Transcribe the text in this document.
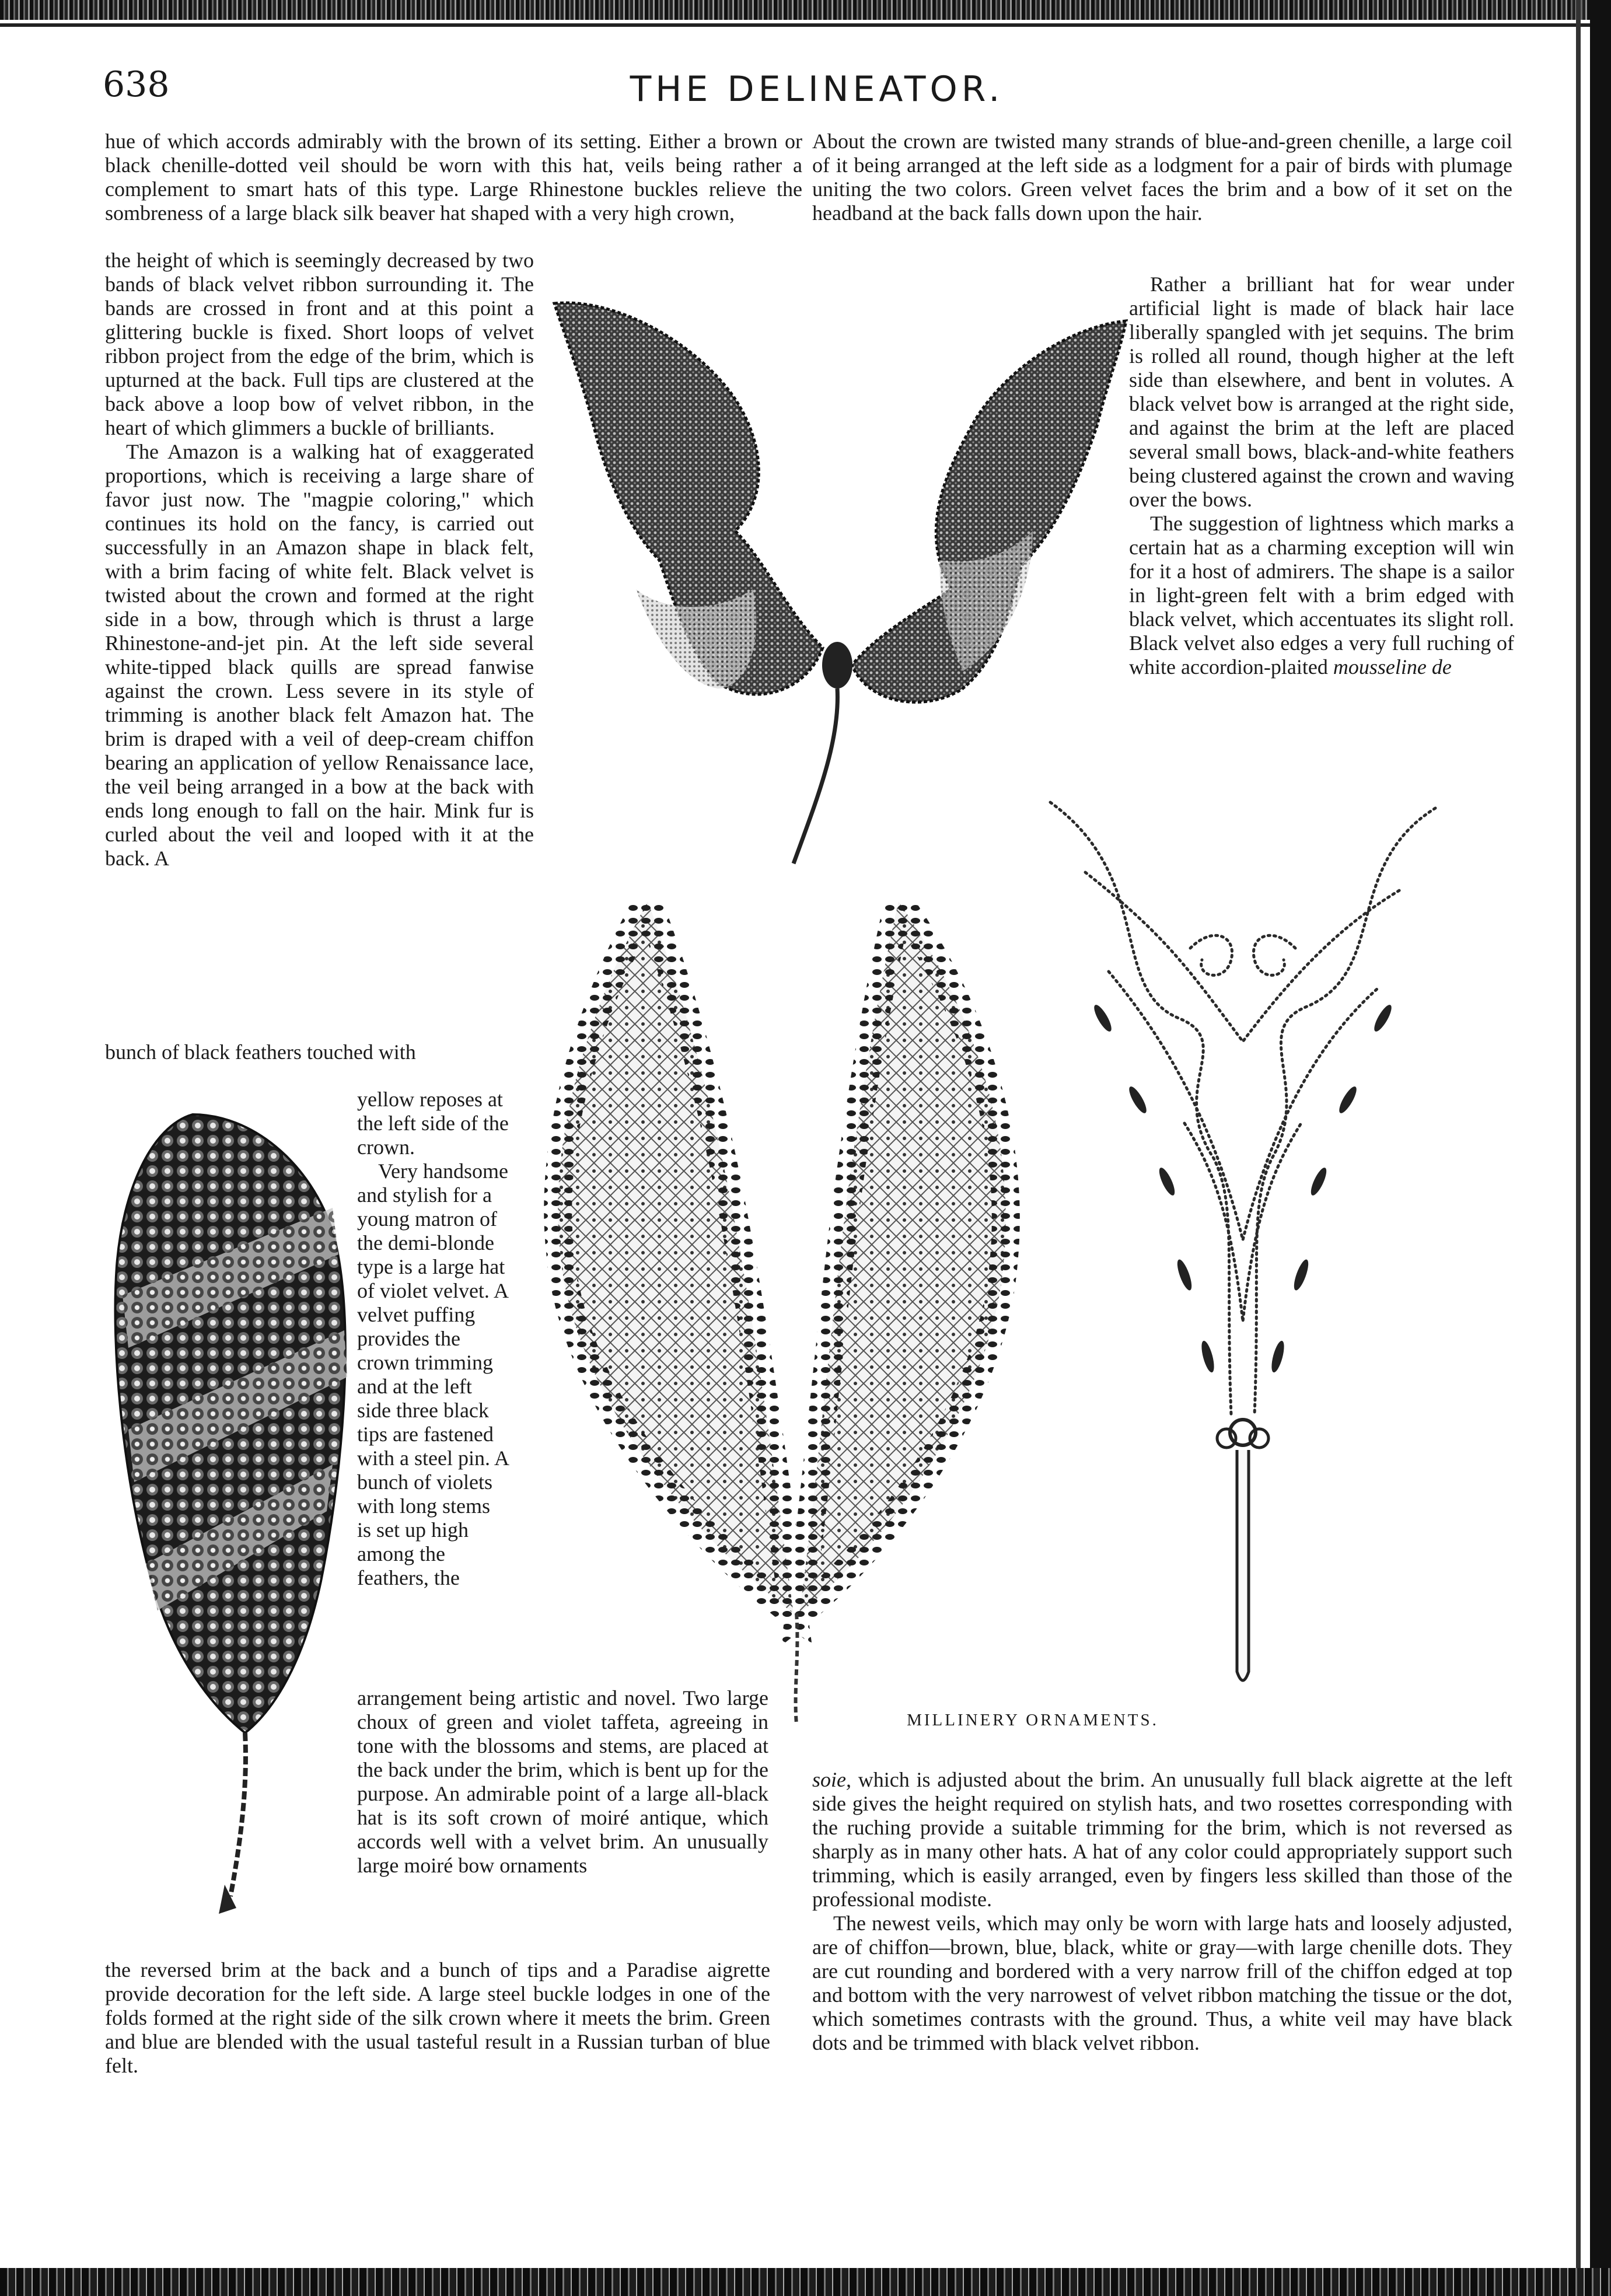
638	THE DELINEATOR.

hue of which accords admirably with the brown of its setting. Either a brown or black chenille-dotted veil should be worn with this hat, veils being rather a complement to smart hats of this type. Large Rhinestone buckles relieve the sombreness of a large black silk beaver hat shaped with a very high crown,

the height of which is seemingly decreased by two bands of black velvet ribbon surrounding it. The bands are crossed in front and at this point a glittering buckle is fixed. Short loops of velvet ribbon project from the edge of the brim, which is upturned at the back. Full tips are clustered at the back above a loop bow of velvet ribbon, in the heart of which glimmers a buckle of brilliants.

The Amazon is a walking hat of exaggerated proportions, which is receiving a large share of favor just now. The "magpie coloring," which continues its hold on the fancy, is carried out successfully in an Amazon shape in black felt, with a brim facing of white felt. Black velvet is twisted about the crown and formed at the right side in a bow, through which is thrust a large Rhinestone-and-jet pin. At the left side several white-tipped black quills are spread fanwise against the crown. Less severe in its style of trimming is another black felt Amazon hat. The brim is draped with a veil of deep-cream chiffon bearing an application of yellow Renaissance lace, the veil being arranged in a bow at the back with ends long enough to fall on the hair. Mink fur is curled about the veil and looped with it at the back. A

bunch of black feathers touched with

yellow reposes at the left side of the crown.

Very handsome and stylish for a young matron of the demi-blonde type is a large hat of violet velvet. A velvet puffing provides the crown trimming and at the left side three black tips are fastened with a steel pin. A bunch of violets with long stems is set up high among the feathers, the

arrangement being artistic and novel. Two large choux of green and violet taffeta, agreeing in tone with the blossoms and stems, are placed at the back under the brim, which is bent up for the purpose. An admirable point of a large all-black hat is its soft crown of moiré antique, which accords well with a velvet brim. An unusually large moiré bow ornaments

the reversed brim at the back and a bunch of tips and a Paradise aigrette provide decoration for the left side. A large steel buckle lodges in one of the folds formed at the right side of the silk crown where it meets the brim. Green and blue are blended with the usual tasteful result in a Russian turban of blue felt.

About the crown are twisted many strands of blue-and-green chenille, a large coil of it being arranged at the left side as a lodgment for a pair of birds with plumage uniting the two colors. Green velvet faces the brim and a bow of it set on the headband at the back falls down upon the hair.

Rather a brilliant hat for wear under artificial light is made of black hair lace liberally spangled with jet sequins. The brim is rolled all round, though higher at the left side than elsewhere, and bent in volutes. A black velvet bow is arranged at the right side, and against the brim at the left are placed several small bows, black-and-white feathers being clustered against the crown and waving over the bows.

The suggestion of lightness which marks a certain hat as a charming exception will win for it a host of admirers. The shape is a sailor in light-green felt with a brim edged with black velvet, which accentuates its slight roll. Black velvet also edges a very full ruching of white accordion-plaited mousseline de

soie, which is adjusted about the brim. An unusually full black aigrette at the left side gives the height required on stylish hats, and two rosettes corresponding with the ruching provide a suitable trimming for the brim, which is not reversed as sharply as in many other hats. A hat of any color could appropriately support such trimming, which is easily arranged, even by fingers less skilled than those of the professional modiste.

The newest veils, which may only be worn with large hats and loosely adjusted, are of chiffon—brown, blue, black, white or gray—with large chenille dots. They are cut rounding and bordered with a very narrow frill of the chiffon edged at top and bottom with the very narrowest of velvet ribbon matching the tissue or the dot, which sometimes contrasts with the ground. Thus, a white veil may have black dots and be trimmed with black velvet ribbon.

MILLINERY ORNAMENTS.
